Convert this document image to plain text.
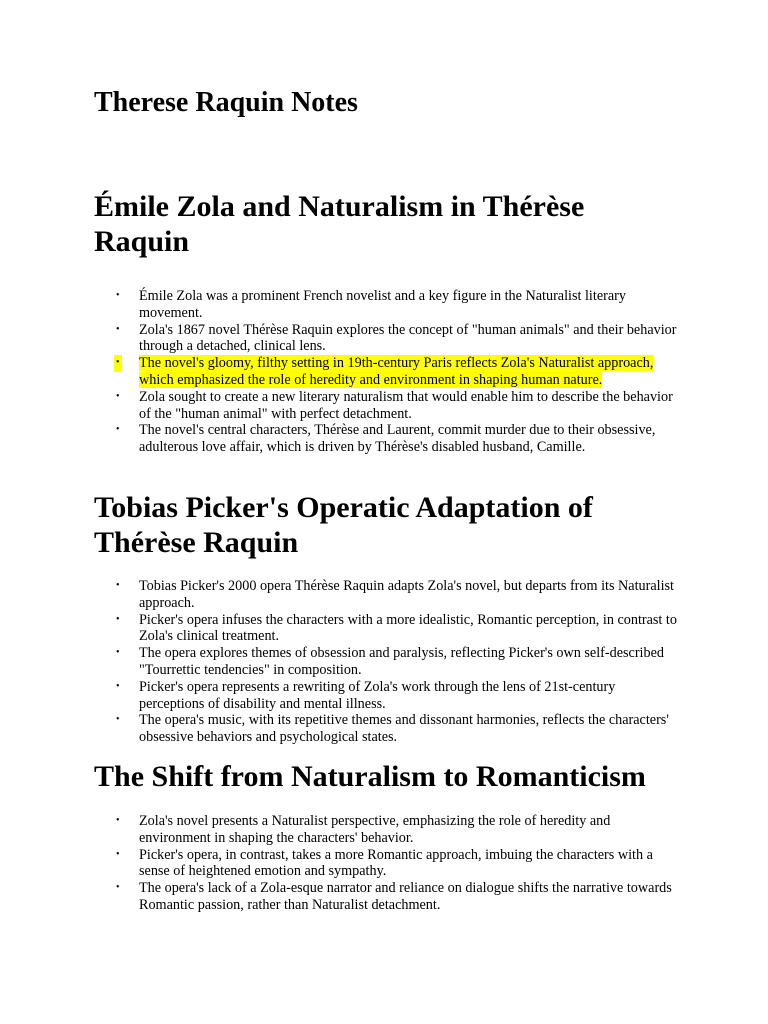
Therese Raquin Notes
Émile Zola and Naturalism in Thérèse Raquin
• Émile Zola was a prominent French novelist and a key figure in the Naturalist literary movement.
• Zola's 1867 novel Thérèse Raquin explores the concept of "human animals" and their behavior through a detached, clinical lens.
• The novel's gloomy, filthy setting in 19th-century Paris reflects Zola's Naturalist approach, which emphasized the role of heredity and environment in shaping human nature.
• Zola sought to create a new literary naturalism that would enable him to describe the behavior of the "human animal" with perfect detachment.
• The novel's central characters, Thérèse and Laurent, commit murder due to their obsessive, adulterous love affair, which is driven by Thérèse's disabled husband, Camille.
Tobias Picker's Operatic Adaptation of Thérèse Raquin
• Tobias Picker's 2000 opera Thérèse Raquin adapts Zola's novel, but departs from its Naturalist approach.
• Picker's opera infuses the characters with a more idealistic, Romantic perception, in contrast to Zola's clinical treatment.
• The opera explores themes of obsession and paralysis, reflecting Picker's own self-described "Tourrettic tendencies" in composition.
• Picker's opera represents a rewriting of Zola's work through the lens of 21st-century perceptions of disability and mental illness.
• The opera's music, with its repetitive themes and dissonant harmonies, reflects the characters' obsessive behaviors and psychological states.
The Shift from Naturalism to Romanticism
• Zola's novel presents a Naturalist perspective, emphasizing the role of heredity and environment in shaping the characters' behavior.
• Picker's opera, in contrast, takes a more Romantic approach, imbuing the characters with a sense of heightened emotion and sympathy.
• The opera's lack of a Zola-esque narrator and reliance on dialogue shifts the narrative towards Romantic passion, rather than Naturalist detachment.
